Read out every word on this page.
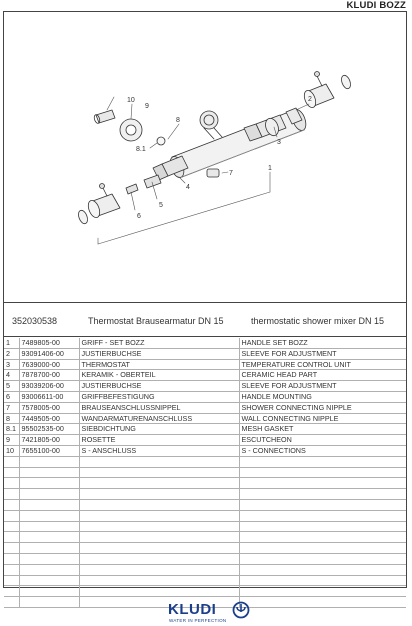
KLUDI BOZZ
10
9
8
8.1
1
7
4
2
3
5
6
352030538	Thermostat Brausearmatur DN 15	thermostatic shower mixer DN 15
1	7489805-00	GRIFF - SET BOZZ	HANDLE SET BOZZ
2	93091406-00	JUSTIERBUCHSE	SLEEVE FOR ADJUSTMENT
3	7639000-00	THERMOSTAT	TEMPERATURE CONTROL UNIT
4	7878700-00	KERAMIK - OBERTEIL	CERAMIC HEAD PART
5	93039206-00	JUSTIERBUCHSE	SLEEVE FOR ADJUSTMENT
6	93006611-00	GRIFFBEFESTIGUNG	HANDLE MOUNTING
7	7578005-00	BRAUSEANSCHLUSSNIPPEL	SHOWER CONNECTING NIPPLE
8	7449505-00	WANDARMATURENANSCHLUSS	WALL CONNECTING NIPPLE
8.1	95502535-00	SIEBDICHTUNG	MESH GASKET
9	7421805-00	ROSETTE	ESCUTCHEON
10	7655100-00	S - ANSCHLUSS	S - CONNECTIONS

KLUDI
WATER IN PERFECTION
